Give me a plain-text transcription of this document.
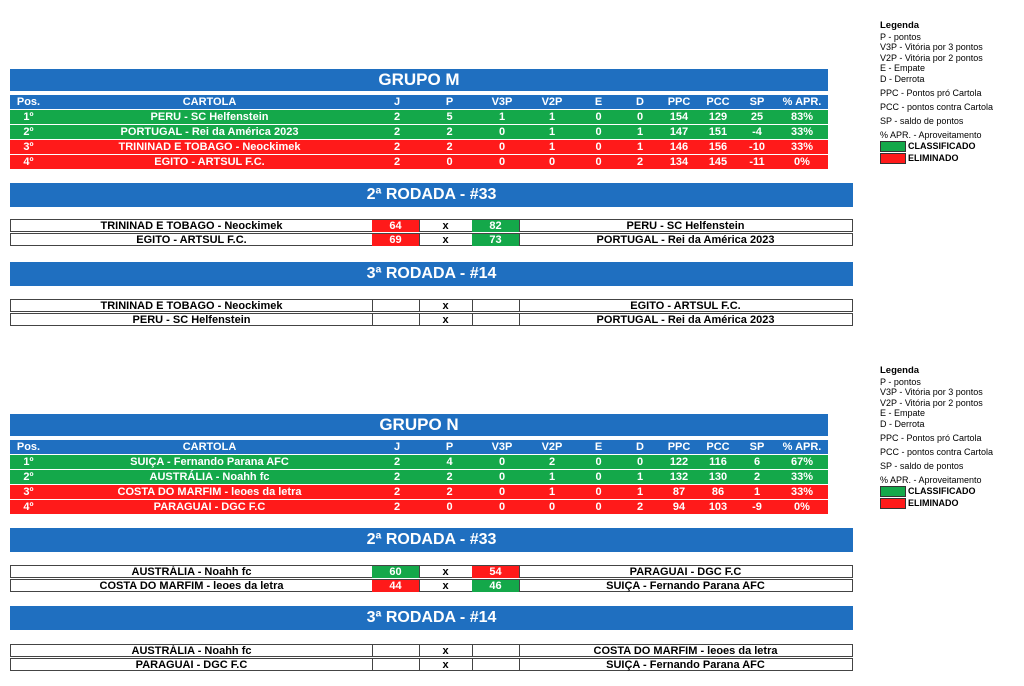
Legenda
P - pontos
V3P - Vitória por 3 pontos
V2P - Vitória por 2 pontos
E - Empate
D - Derrota
PPC - Pontos pró Cartola
PCC - pontos contra Cartola
SP - saldo de pontos
% APR. - Aproveitamento
CLASSIFICADO
ELIMINADO
GRUPO M
Pos.	CARTOLA	J	P	V3P	V2P	E	D	PPC	PCC	SP	% APR.
1º	PERU - SC Helfenstein	2	5	1	1	0	0	154	129	25	83%
2º	PORTUGAL - Rei da América 2023	2	2	0	1	0	1	147	151	-4	33%
3º	TRININAD E TOBAGO - Neockimek	2	2	0	1	0	1	146	156	-10	33%
4º	EGITO - ARTSUL F.C.	2	0	0	0	0	2	134	145	-11	0%
2ª RODADA - #33
TRININAD E TOBAGO - Neockimek	64	x	82	PERU - SC Helfenstein
EGITO - ARTSUL F.C.	69	x	73	PORTUGAL - Rei da América 2023
3ª RODADA - #14
TRININAD E TOBAGO - Neockimek	x	EGITO - ARTSUL F.C.
PERU - SC Helfenstein	x	PORTUGAL - Rei da América 2023
Legenda
P - pontos
V3P - Vitória por 3 pontos
V2P - Vitória por 2 pontos
E - Empate
D - Derrota
PPC - Pontos pró Cartola
PCC - pontos contra Cartola
SP - saldo de pontos
% APR. - Aproveitamento
CLASSIFICADO
ELIMINADO
GRUPO N
Pos.	CARTOLA	J	P	V3P	V2P	E	D	PPC	PCC	SP	% APR.
1º	SUIÇA - Fernando Parana AFC	2	4	0	2	0	0	122	116	6	67%
2º	AUSTRÁLIA - Noahh fc	2	2	0	1	0	1	132	130	2	33%
3º	COSTA DO MARFIM - leoes da letra	2	2	0	1	0	1	87	86	1	33%
4º	PARAGUAI - DGC F.C	2	0	0	0	0	2	94	103	-9	0%
2ª RODADA - #33
AUSTRÁLIA - Noahh fc	60	x	54	PARAGUAI - DGC F.C
COSTA DO MARFIM - leoes da letra	44	x	46	SUIÇA - Fernando Parana AFC
3ª RODADA - #14
AUSTRÁLIA - Noahh fc	x	COSTA DO MARFIM - leoes da letra
PARAGUAI - DGC F.C	x	SUIÇA - Fernando Parana AFC
